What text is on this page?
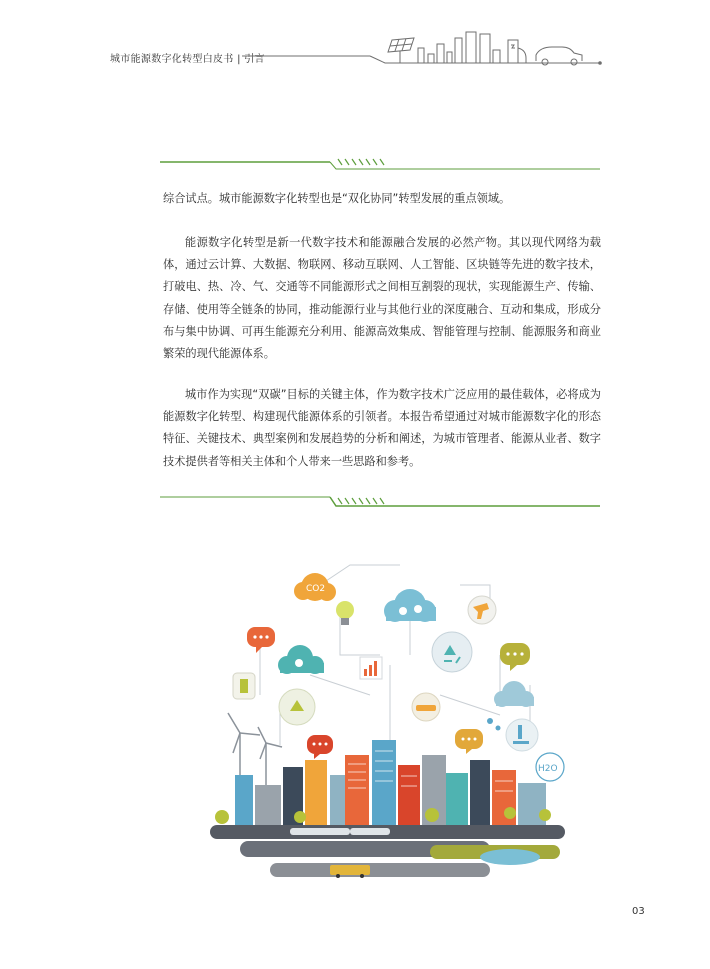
城市能源数字化转型白皮书 | 引言

综合试点。城市能源数字化转型也是“双化协同”转型发展的重点领域。

能源数字化转型是新一代数字技术和能源融合发展的必然产物。其以现代网络为载体，通过云计算、大数据、物联网、移动互联网、人工智能、区块链等先进的数字技术，打破电、热、冷、气、交通等不同能源形式之间相互割裂的现状，实现能源生产、传输、存储、使用等全链条的协同，推动能源行业与其他行业的深度融合、互动和集成，形成分布与集中协调、可再生能源充分利用、能源高效集成、智能管理与控制、能源服务和商业繁荣的现代能源体系。

城市作为实现“双碳”目标的关键主体，作为数字技术广泛应用的最佳载体，必将成为能源数字化转型、构建现代能源体系的引领者。本报告希望通过对城市能源数字化的形态特征、关键技术、典型案例和发展趋势的分析和阐述，为城市管理者、能源从业者、数字技术提供者等相关主体和个人带来一些思路和参考。

CO2
H2O
03
